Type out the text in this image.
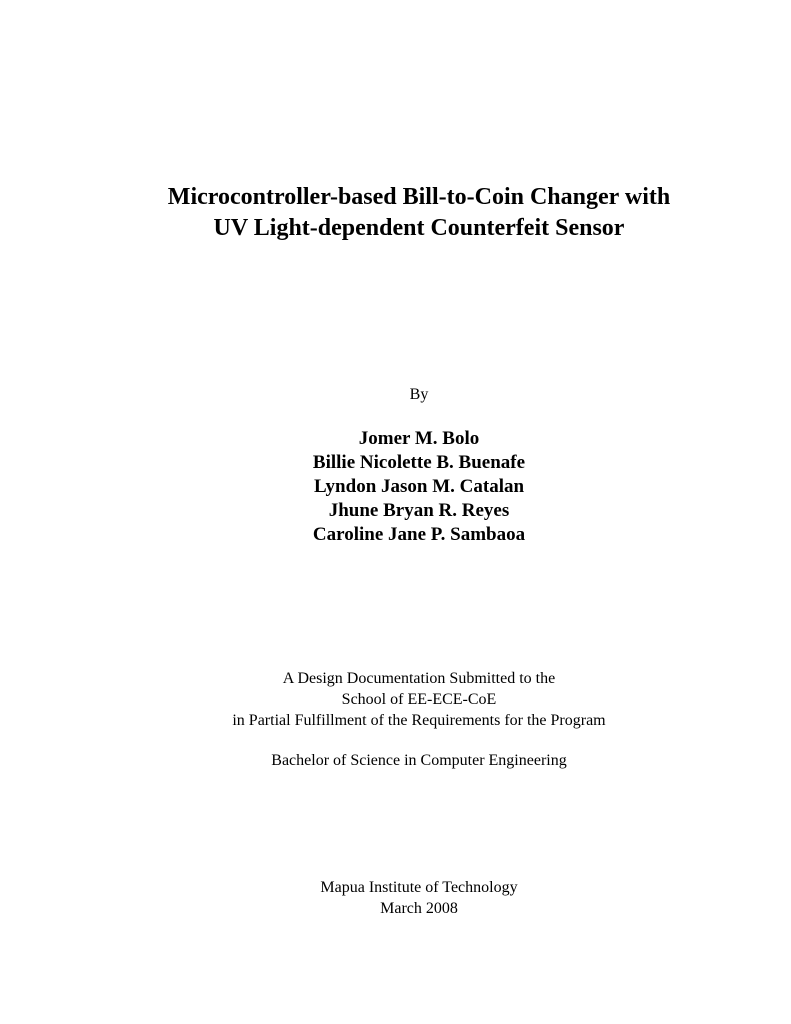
Microcontroller-based Bill-to-Coin Changer with
UV Light-dependent Counterfeit Sensor
By
Jomer M. Bolo
Billie Nicolette B. Buenafe
Lyndon Jason M. Catalan
Jhune Bryan R. Reyes
Caroline Jane P. Sambaoa
A Design Documentation Submitted to the
School of EE-ECE-CoE
in Partial Fulfillment of the Requirements for the Program
Bachelor of Science in Computer Engineering
Mapua Institute of Technology
March 2008
